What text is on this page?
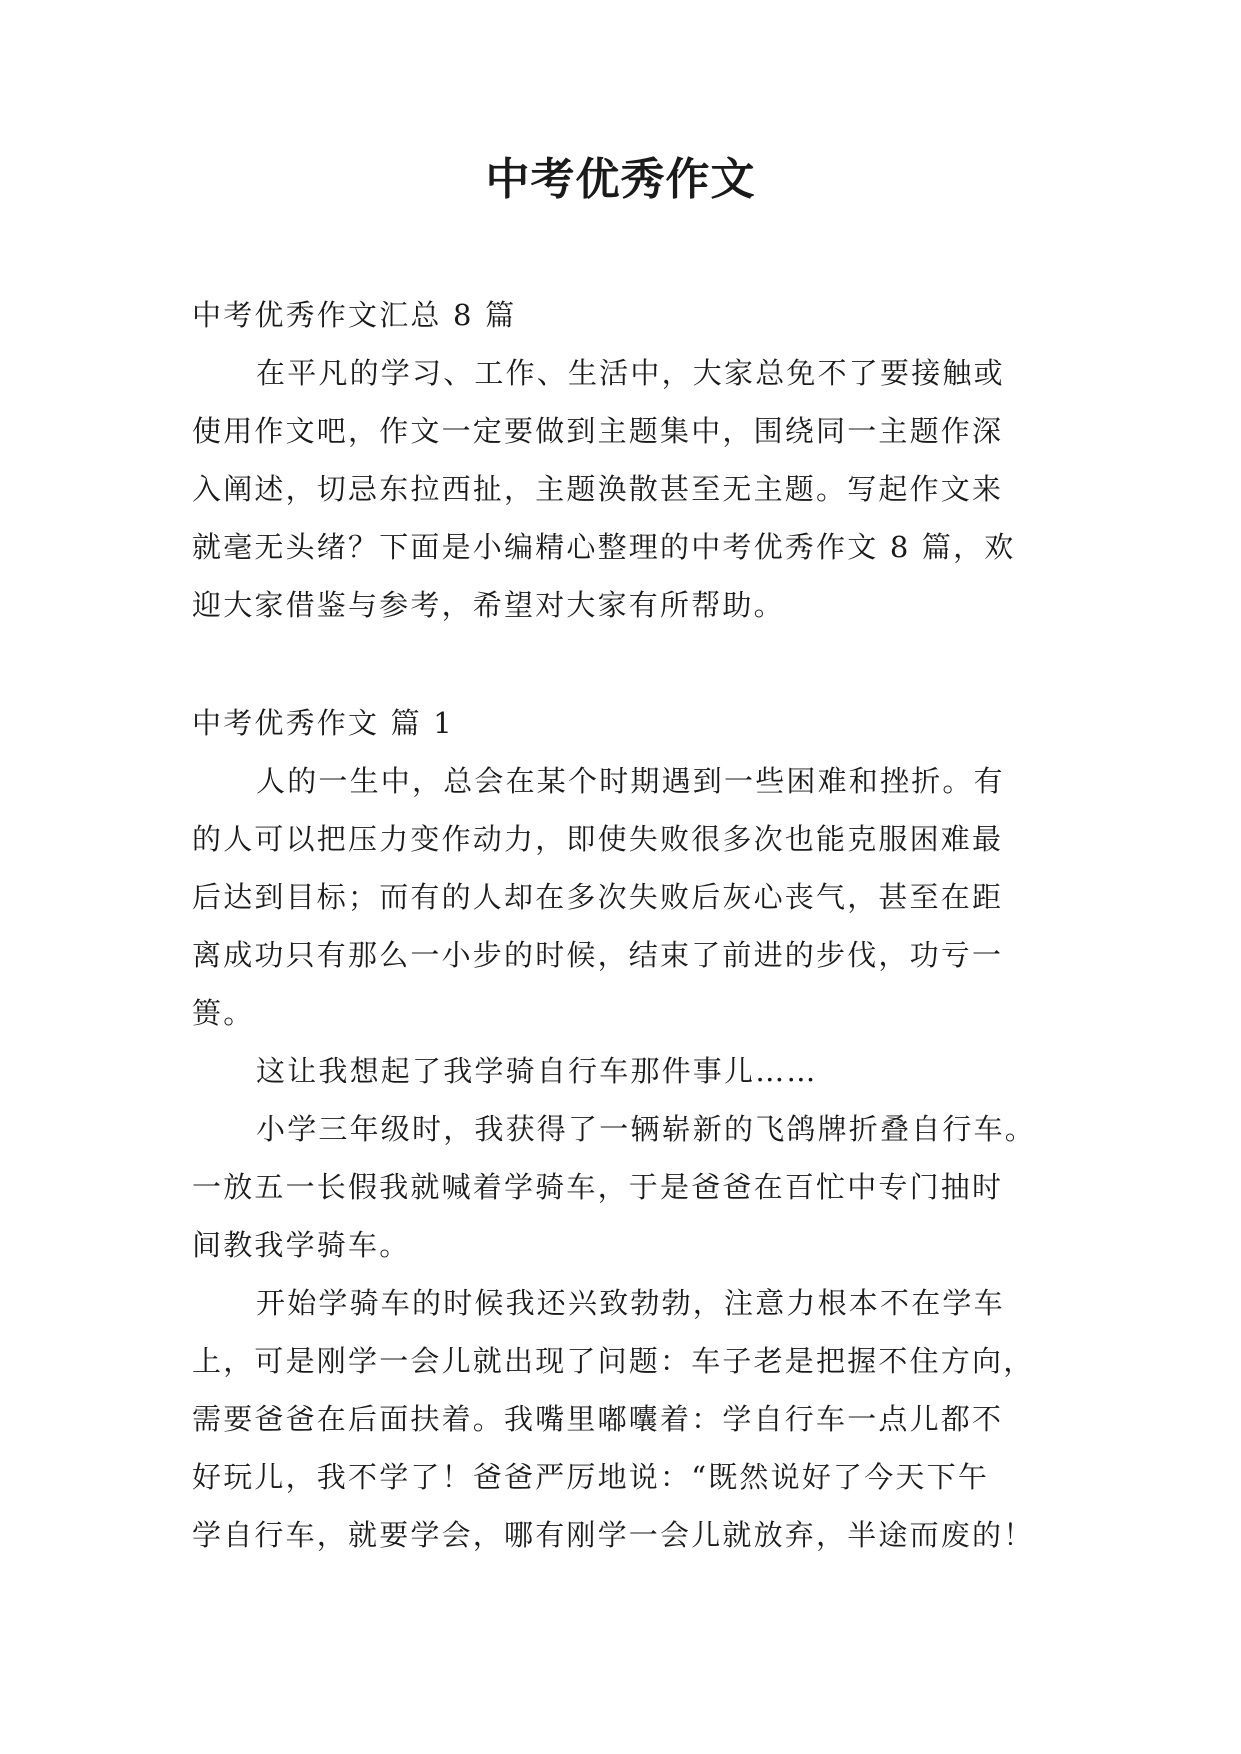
中考优秀作文
中考优秀作文汇总 8 篇
在平凡的学习、工作、生活中，大家总免不了要接触或
使用作文吧，作文一定要做到主题集中，围绕同一主题作深
入阐述，切忌东拉西扯，主题涣散甚至无主题。写起作文来
就毫无头绪？下面是小编精心整理的中考优秀作文 8 篇，欢
迎大家借鉴与参考，希望对大家有所帮助。
中考优秀作文 篇 1
人的一生中，总会在某个时期遇到一些困难和挫折。有
的人可以把压力变作动力，即使失败很多次也能克服困难最
后达到目标；而有的人却在多次失败后灰心丧气，甚至在距
离成功只有那么一小步的时候，结束了前进的步伐，功亏一
篑。
这让我想起了我学骑自行车那件事儿……
小学三年级时，我获得了一辆崭新的飞鸽牌折叠自行车。
一放五一长假我就喊着学骑车，于是爸爸在百忙中专门抽时
间教我学骑车。
开始学骑车的时候我还兴致勃勃，注意力根本不在学车
上，可是刚学一会儿就出现了问题：车子老是把握不住方向，
需要爸爸在后面扶着。我嘴里嘟囔着：学自行车一点儿都不
好玩儿，我不学了！爸爸严厉地说：“既然说好了今天下午
学自行车，就要学会，哪有刚学一会儿就放弃，半途而废的！
